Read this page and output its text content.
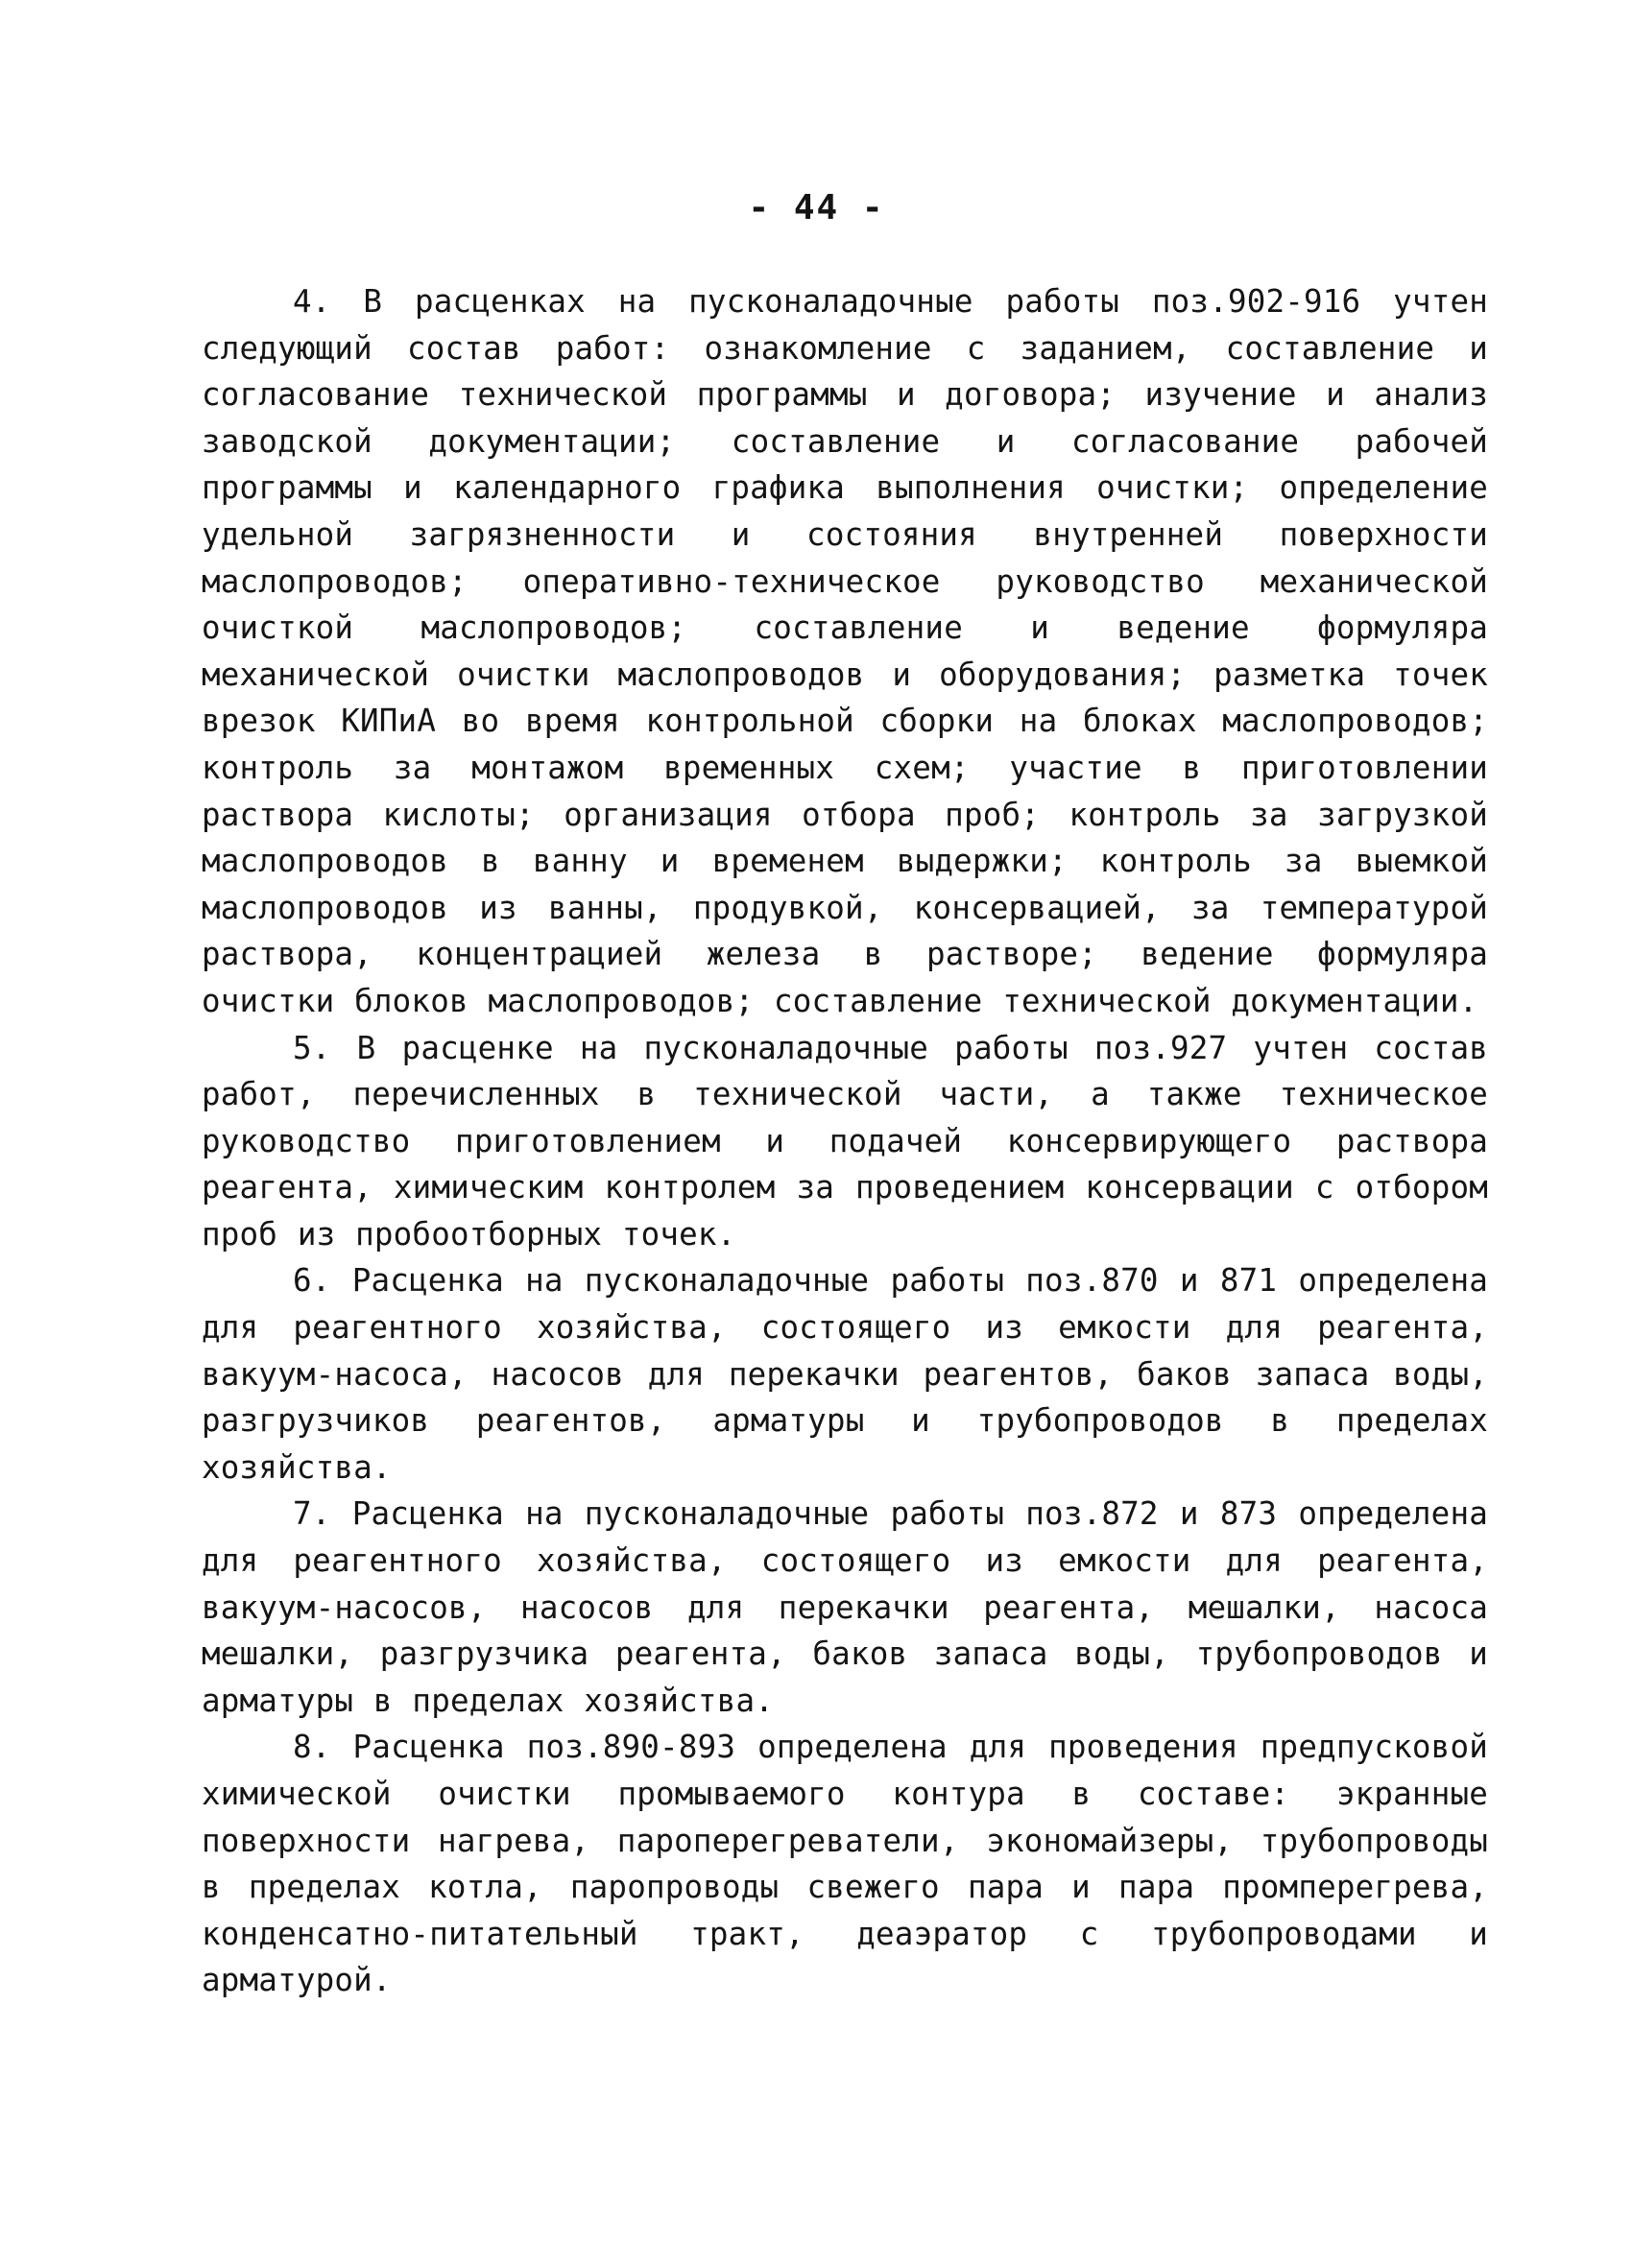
- 44 -

4. В расценках на пусконаладочные работы поз.902-916 учтен следующий состав работ: ознакомление с заданием, составление и согласование технической программы и договора; изучение и анализ заводской документации; составление и согласование рабочей программы и календарного графика выполнения очистки; определение удельной загрязненности и состояния внутренней поверхности маслопроводов; оперативно-техническое руководство механической очисткой маслопроводов; составление и ведение формуляра механической очистки маслопроводов и оборудования; разметка точек врезок КИПиА во время контрольной сборки на блоках маслопроводов; контроль за монтажом временных схем; участие в приготовлении раствора кислоты; организация отбора проб; контроль за загрузкой маслопроводов в ванну и временем выдержки; контроль за выемкой маслопроводов из ванны, продувкой, консервацией, за температурой раствора, концентрацией железа в растворе; ведение формуляра очистки блоков маслопроводов; составление технической документации.

5. В расценке на пусконаладочные работы поз.927 учтен состав работ, перечисленных в технической части, а также техническое руководство приготовлением и подачей консервирующего раствора реагента, химическим контролем за проведением консервации с отбором проб из пробоотборных точек.

6. Расценка на пусконаладочные работы поз.870 и 871 определена для реагентного хозяйства, состоящего из емкости для реагента, вакуум-насоса, насосов для перекачки реагентов, баков запаса воды, разгрузчиков реагентов, арматуры и трубопроводов в пределах хозяйства.

7. Расценка на пусконаладочные работы поз.872 и 873 определена для реагентного хозяйства, состоящего из емкости для реагента, вакуум-насосов, насосов для перекачки реагента, мешалки, насоса мешалки, разгрузчика реагента, баков запаса воды, трубопроводов и арматуры в пределах хозяйства.

8. Расценка поз.890-893 определена для проведения предпусковой химической очистки промываемого контура в составе: экранные поверхности нагрева, пароперегреватели, экономайзеры, трубопроводы в пределах котла, паропроводы свежего пара и пара промперегрева, конденсатно-питательный тракт, деаэратор с трубопроводами и арматурой.
